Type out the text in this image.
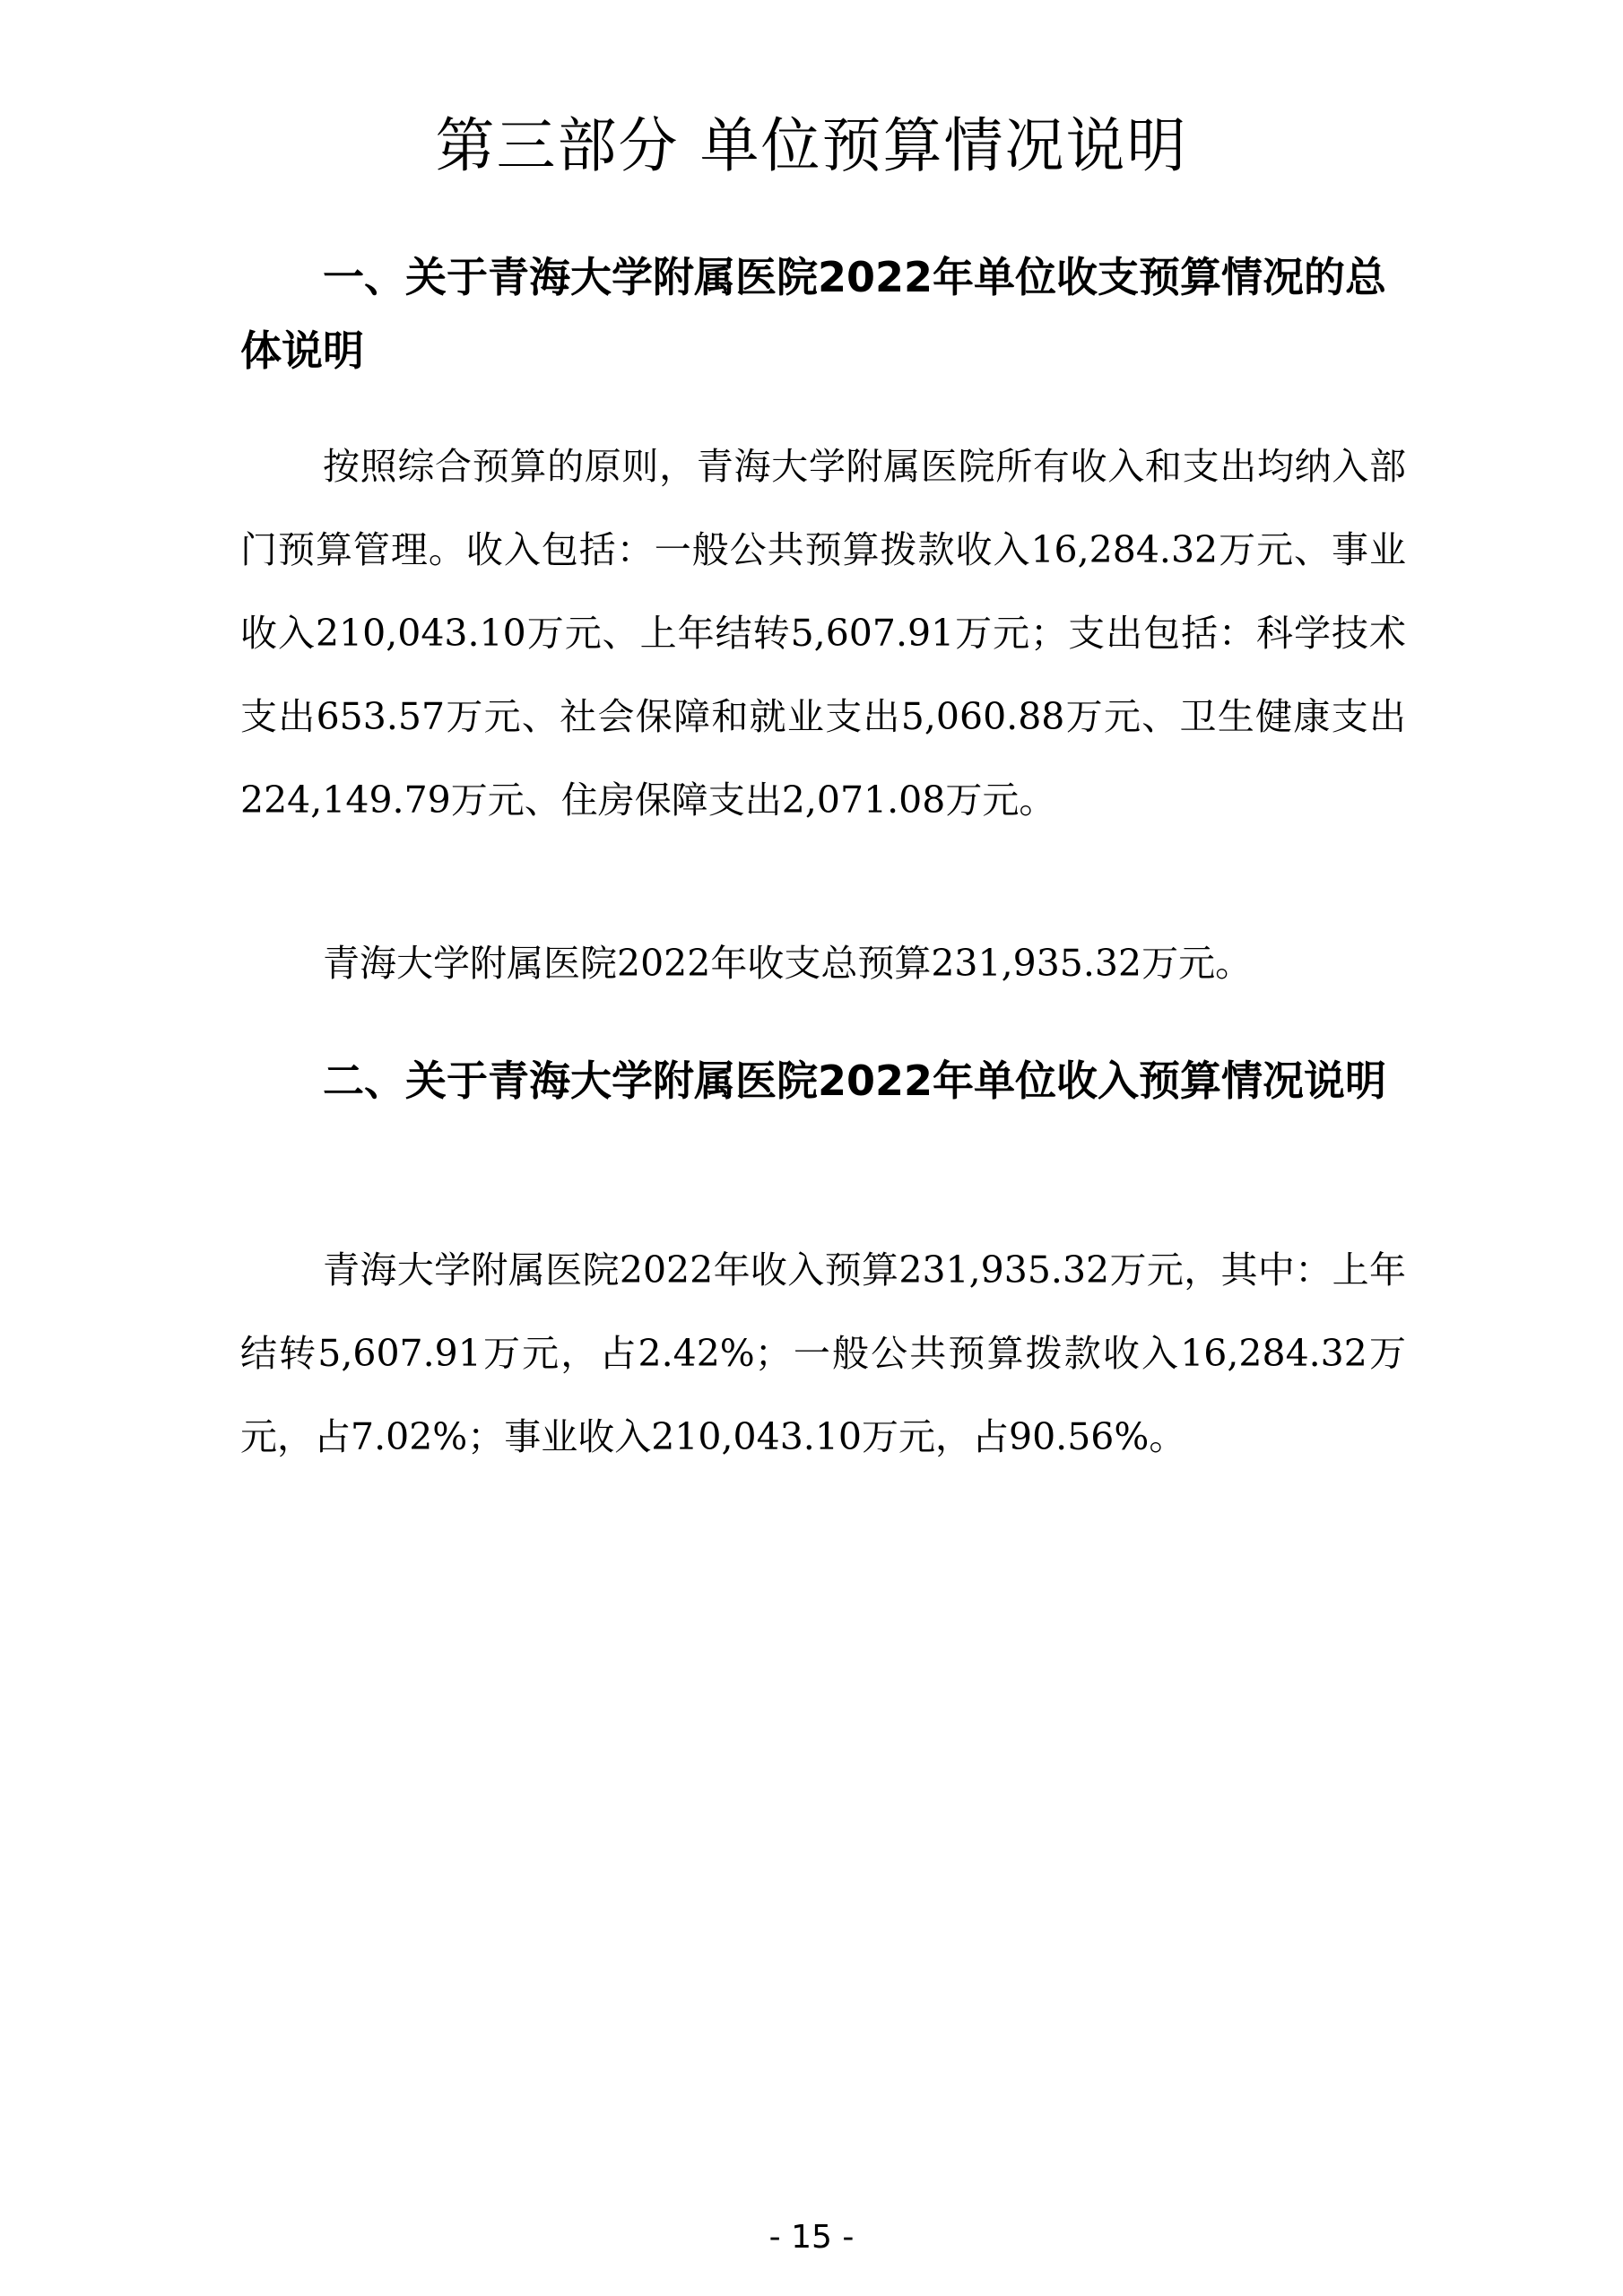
第三部分 单位预算情况说明
一、关于青海大学附属医院2022年单位收支预算情况的总体说明

按照综合预算的原则，青海大学附属医院所有收入和支出均纳入部门预算管理。收入包括：一般公共预算拨款收入16,284.32万元、事业收入210,043.10万元、上年结转5,607.91万元；支出包括：科学技术支出653.57万元、社会保障和就业支出5,060.88万元、卫生健康支出224,149.79万元、住房保障支出2,071.08万元。

青海大学附属医院2022年收支总预算231,935.32万元。

二、关于青海大学附属医院2022年单位收入预算情况说明

青海大学附属医院2022年收入预算231,935.32万元，其中：上年结转5,607.91万元，占2.42%；一般公共预算拨款收入16,284.32万元，占7.02%；事业收入210,043.10万元，占90.56%。

- 15 -
